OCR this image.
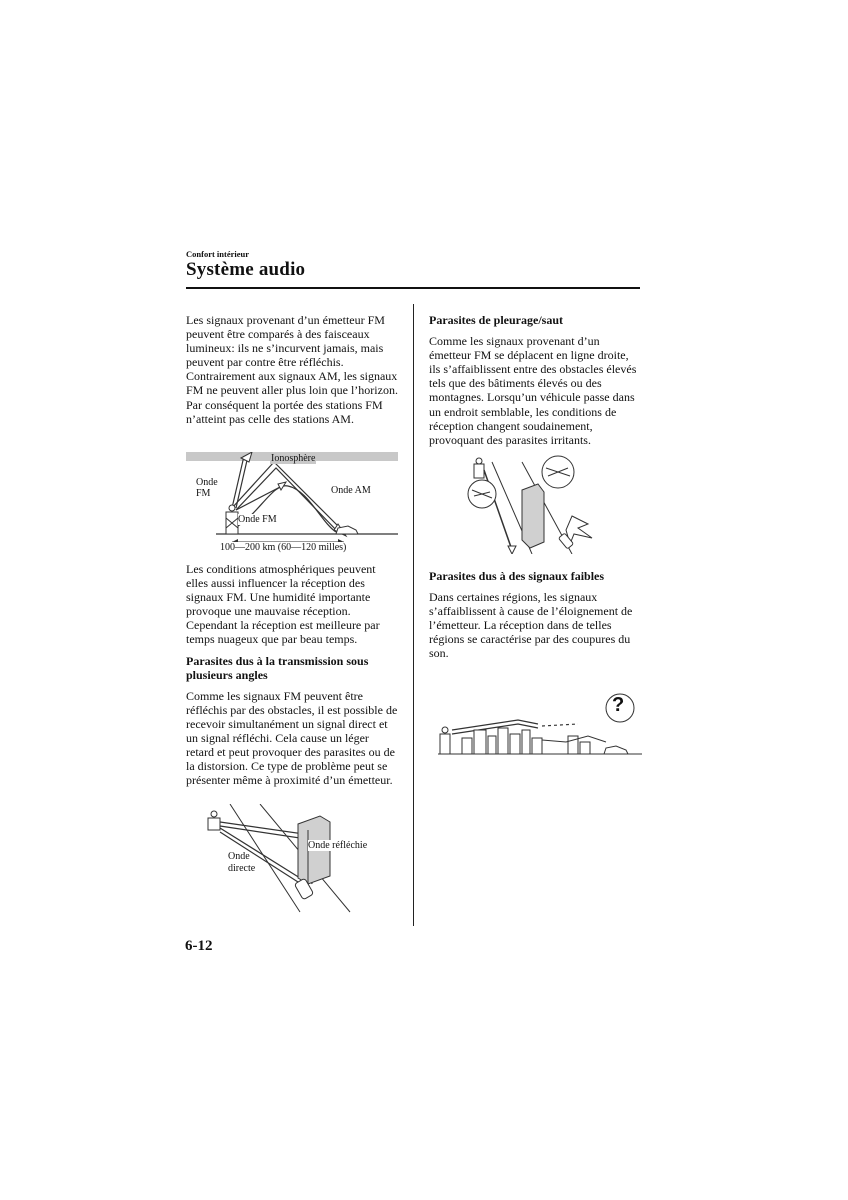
Confort intérieur
Système audio

Les signaux provenant d’un émetteur FM peuvent être comparés à des faisceaux lumineux: ils ne s’incurvent jamais, mais peuvent par contre être réfléchis.

Contrairement aux signaux AM, les signaux FM ne peuvent aller plus loin que l’horizon. Par conséquent la portée des stations FM n’atteint pas celle des stations AM.

Ionosphère
Onde
FM	Onde AM
Onde FM
100—200 km (60—120 milles)

Les conditions atmosphériques peuvent elles aussi influencer la réception des signaux FM. Une humidité importante provoque une mauvaise réception. Cependant la réception est meilleure par temps nuageux que par beau temps.

Parasites dus à la transmission sous plusieurs angles

Comme les signaux FM peuvent être réfléchis par des obstacles, il est possible de recevoir simultanément un signal direct et un signal réfléchi. Cela cause un léger retard et peut provoquer des parasites ou de la distorsion. Ce type de problème peut se présenter même à proximité d’un émetteur.

Onde réfléchie
Onde
directe
Parasites de pleurage/saut

Comme les signaux provenant d’un émetteur FM se déplacent en ligne droite, ils s’affaiblissent entre des obstacles élevés tels que des bâtiments élevés ou des montagnes. Lorsqu’un véhicule passe dans un endroit semblable, les conditions de réception changent soudainement, provoquant des parasites irritants.

Parasites dus à des signaux faibles

Dans certaines régions, les signaux s’affaiblissent à cause de l’éloignement de l’émetteur. La réception dans de telles régions se caractérise par des coupures du son.

?
6-12
